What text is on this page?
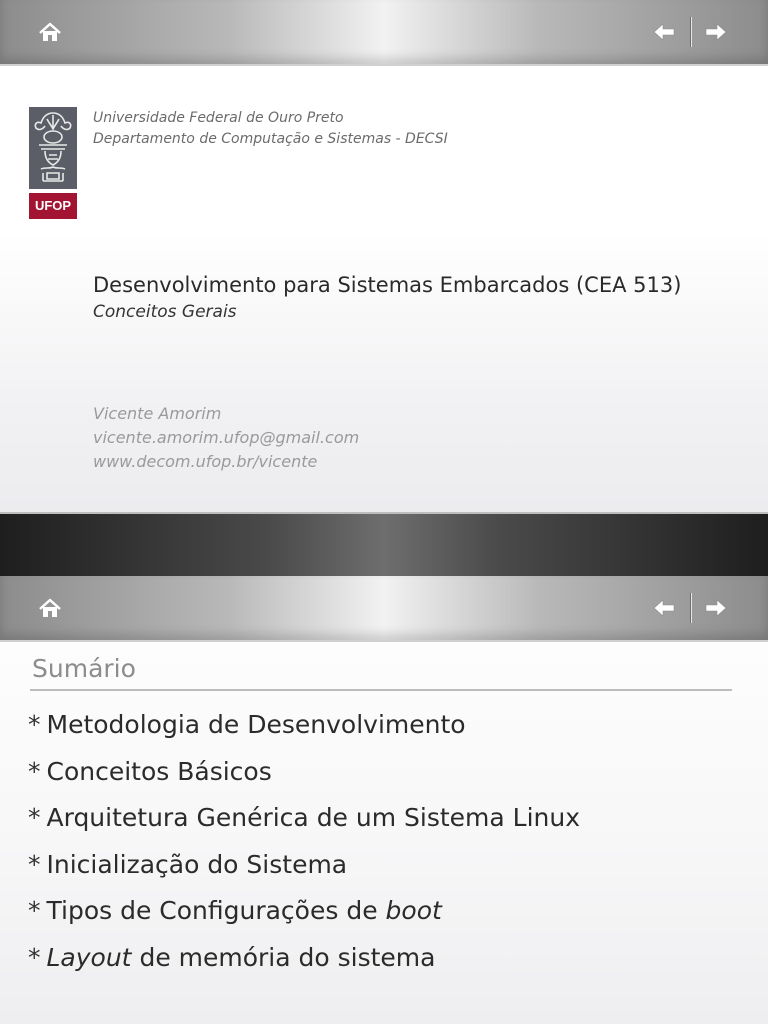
UFOP
Universidade Federal de Ouro Preto
Departamento de Computação e Sistemas - DECSI
Desenvolvimento para Sistemas Embarcados (CEA 513)
Conceitos Gerais
Vicente Amorim
vicente.amorim.ufop@gmail.com
www.decom.ufop.br/vicente
Sumário
* Metodologia de Desenvolvimento
* Conceitos Básicos
* Arquitetura Genérica de um Sistema Linux
* Inicialização do Sistema
* Tipos de Configurações de boot
* Layout de memória do sistema
